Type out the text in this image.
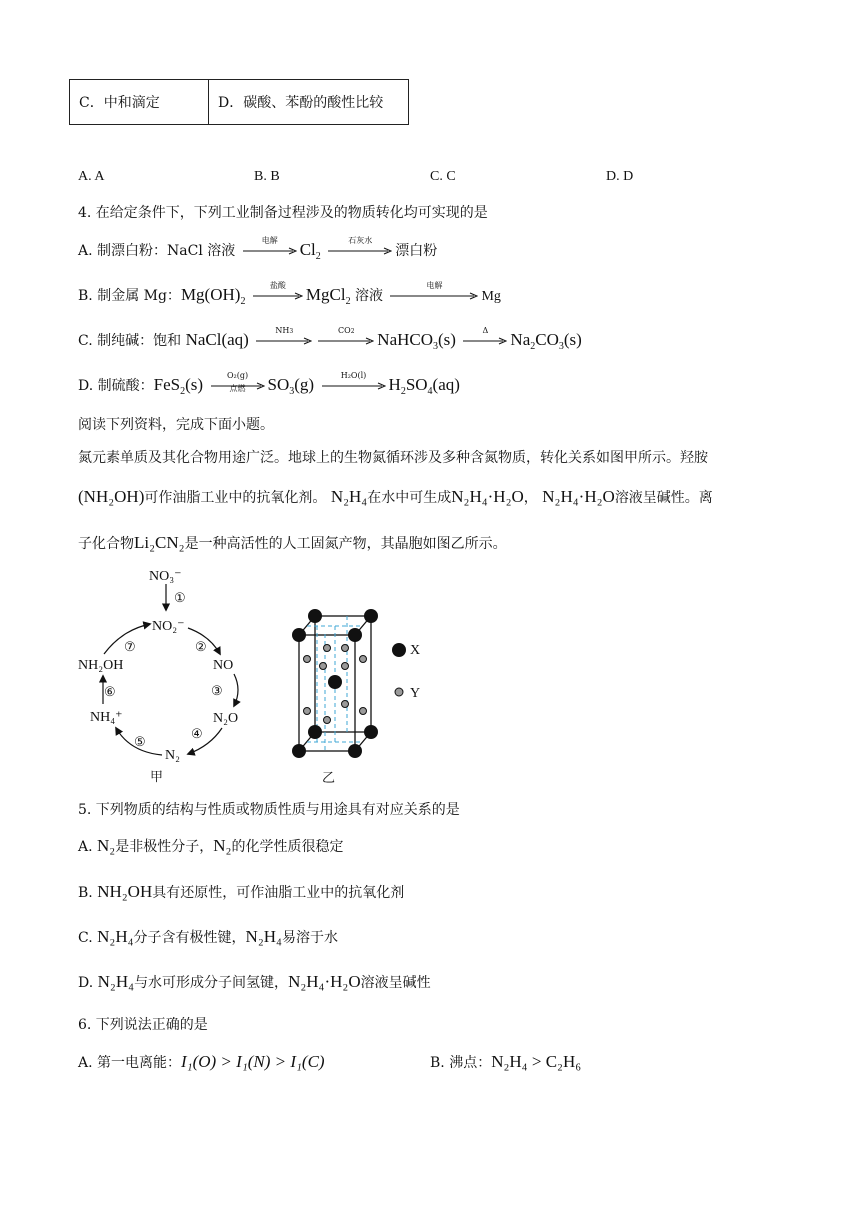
C．中和滴定	D．碳酸、苯酚的酸性比较
A. A	B. B	C. C	D. D
4. 在给定条件下，下列工业制备过程涉及的物质转化均可实现的是
A. 制漂白粉：NaCl 溶液
电解	$Cl_2$
石灰水
漂白粉
B. 制金属 Mg：$Mg(OH)_2$
盐酸	MgCl$_2$ 溶液
电解
Mg
C. 制纯碱：饱和 NaCl(aq)	NH3	CO2	NaHCO$_3$(s)	Δ	$Na_2CO_3(s)$
D. 制硫酸：FeS$_2$(s)	O₂(g)
点燃	$SO_3(g)$	H₂O(l)	$H_2SO_4(aq)$
阅读下列资料，完成下面小题。
氮元素单质及其化合物用途广泛。地球上的生物氮循环涉及多种含氮物质，转化关系如图甲所示。羟胺
(NH₂OH)可作油脂工业中的抗氧化剂。 N₂H₄在水中可生成N₂H₄·H₂O， N₂H₄·H₂O溶液呈碱性。离
子化合物Li₂CN₂是一种高活性的人工固氮产物，其晶胞如图乙所示。
NO₃⁻
NO₂⁻
NO
N₂O
N₂
NH₄⁺
NH₂OH
①
②
③
④
⑤
⑥
⑦
甲
X
Y
乙
5. 下列物质的结构与性质或物质性质与用途具有对应关系的是
A. N₂是非极性分子，N₂的化学性质很稳定
B. NH₂OH具有还原性，可作油脂工业中的抗氧化剂
C. N₂H₄分子含有极性键，N₂H₄易溶于水
D. N₂H₄与水可形成分子间氢键，N₂H₄·H₂O溶液呈碱性
6. 下列说法正确的是
A. 第一电离能：I₁(O) > I₁(N) > I₁(C)	B. 沸点：N₂H₄ > C₂H₆
